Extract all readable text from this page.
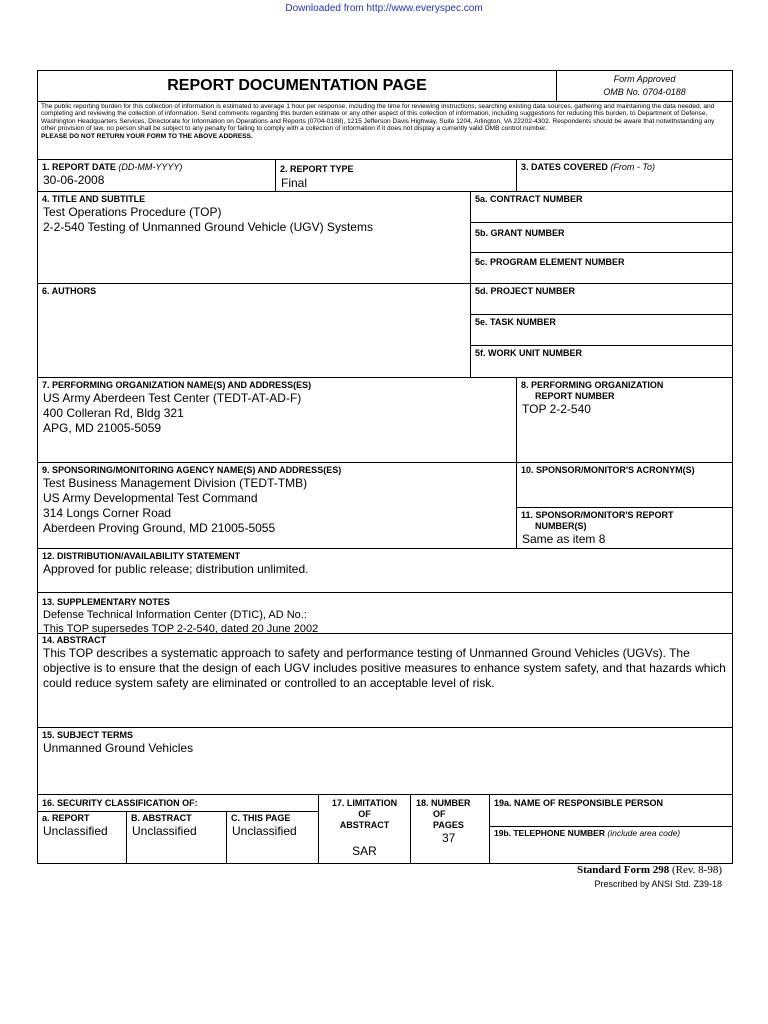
Downloaded from http://www.everyspec.com
REPORT DOCUMENTATION PAGE	Form Approved
OMB No. 0704-0188
The public reporting burden for this collection of information is estimated to average 1 hour per response, including the time for reviewing instructions, searching existing data sources, gathering and maintaining the data needed, and completing and reviewing the collection of information. Send comments regarding this burden estimate or any other aspect of this collection of information, including suggestions for reducing this burden, to Department of Defense, Washington Headquarters Services, Directorate for Information on Operations and Reports (0704-0188), 1215 Jefferson Davis Highway, Suite 1204, Arlington, VA 22202-4302. Respondents should be aware that notwithstanding any other provision of law, no person shall be subject to any penalty for failing to comply with a collection of information if it does not display a currently valid OMB control number.
PLEASE DO NOT RETURN YOUR FORM TO THE ABOVE ADDRESS.
1. REPORT DATE (DD-MM-YYYY)
30-06-2008
2. REPORT TYPE
Final
3. DATES COVERED (From - To)
4. TITLE AND SUBTITLE
Test Operations Procedure (TOP)
2-2-540 Testing of Unmanned Ground Vehicle (UGV) Systems
5a. CONTRACT NUMBER
5b. GRANT NUMBER
5c. PROGRAM ELEMENT NUMBER
6. AUTHORS	5d. PROJECT NUMBER
5e. TASK NUMBER
5f. WORK UNIT NUMBER
7. PERFORMING ORGANIZATION NAME(S) AND ADDRESS(ES)
US Army Aberdeen Test Center (TEDT-AT-AD-F)
400 Colleran Rd, Bldg 321
APG, MD 21005-5059
8. PERFORMING ORGANIZATION
REPORT NUMBER
TOP 2-2-540
9. SPONSORING/MONITORING AGENCY NAME(S) AND ADDRESS(ES)
Test Business Management Division (TEDT-TMB)
US Army Developmental Test Command
314 Longs Corner Road
Aberdeen Proving Ground, MD 21005-5055
10. SPONSOR/MONITOR'S ACRONYM(S)
11. SPONSOR/MONITOR'S REPORT
NUMBER(S)
Same as item 8
12. DISTRIBUTION/AVAILABILITY STATEMENT
Approved for public release; distribution unlimited.
13. SUPPLEMENTARY NOTES
Defense Technical Information Center (DTIC), AD No.:
This TOP supersedes TOP 2-2-540, dated 20 June 2002
14. ABSTRACT
This TOP describes a systematic approach to safety and performance testing of Unmanned Ground Vehicles (UGVs). The objective is to ensure that the design of each UGV includes positive measures to enhance system safety, and that hazards which could reduce system safety are eliminated or controlled to an acceptable level of risk.
15. SUBJECT TERMS
Unmanned Ground Vehicles
16. SECURITY CLASSIFICATION OF:
a. REPORT
Unclassified
B. ABSTRACT
Unclassified
C. THIS PAGE
Unclassified
17. LIMITATION
OF
ABSTRACT
SAR
18. NUMBER
OF
PAGES
37
19a. NAME OF RESPONSIBLE PERSON
19b. TELEPHONE NUMBER (include area code)
Standard Form 298 (Rev. 8-98)
Prescribed by ANSI Std. Z39-18
